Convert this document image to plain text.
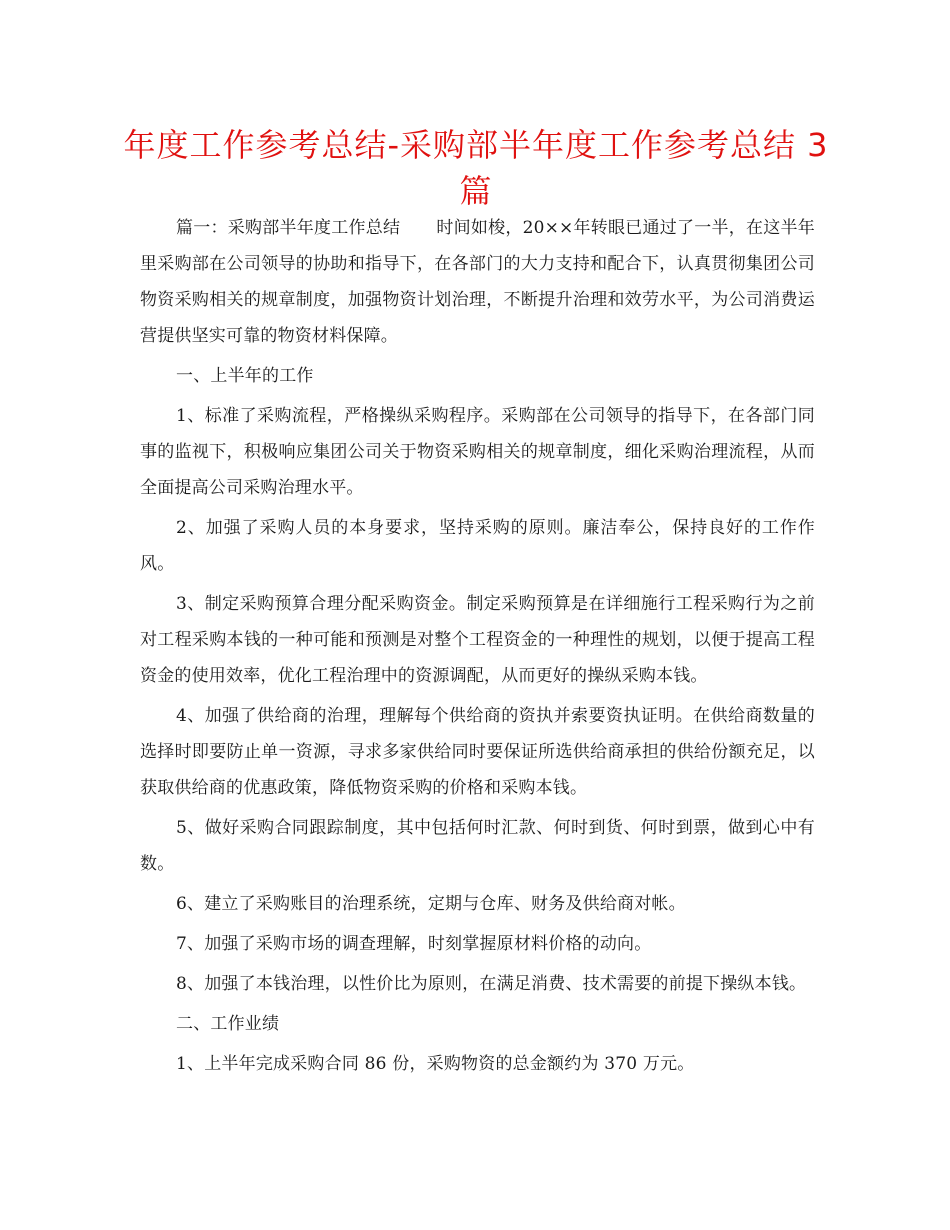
年度工作参考总结-采购部半年度工作参考总结 3 篇

篇一：采购部半年度工作总结 时间如梭，20××年转眼已通过了一半，在这半年里采购部在公司领导的协助和指导下，在各部门的大力支持和配合下，认真贯彻集团公司物资采购相关的规章制度，加强物资计划治理，不断提升治理和效劳水平，为公司消费运营提供坚实可靠的物资材料保障。

一、上半年的工作

1、标准了采购流程，严格操纵采购程序。采购部在公司领导的指导下，在各部门同事的监视下，积极响应集团公司关于物资采购相关的规章制度，细化采购治理流程，从而全面提高公司采购治理水平。

2、加强了采购人员的本身要求，坚持采购的原则。廉洁奉公，保持良好的工作作风。

3、制定采购预算合理分配采购资金。制定采购预算是在详细施行工程采购行为之前对工程采购本钱的一种可能和预测是对整个工程资金的一种理性的规划，以便于提高工程资金的使用效率，优化工程治理中的资源调配，从而更好的操纵采购本钱。

4、加强了供给商的治理，理解每个供给商的资执并索要资执证明。在供给商数量的选择时即要防止单一资源，寻求多家供给同时要保证所选供给商承担的供给份额充足，以获取供给商的优惠政策，降低物资采购的价格和采购本钱。

5、做好采购合同跟踪制度，其中包括何时汇款、何时到货、何时到票，做到心中有数。

6、建立了采购账目的治理系统，定期与仓库、财务及供给商对帐。

7、加强了采购市场的调查理解，时刻掌握原材料价格的动向。

8、加强了本钱治理，以性价比为原则，在满足消费、技术需要的前提下操纵本钱。

二、工作业绩

1、上半年完成采购合同 86 份，采购物资的总金额约为 370 万元。
